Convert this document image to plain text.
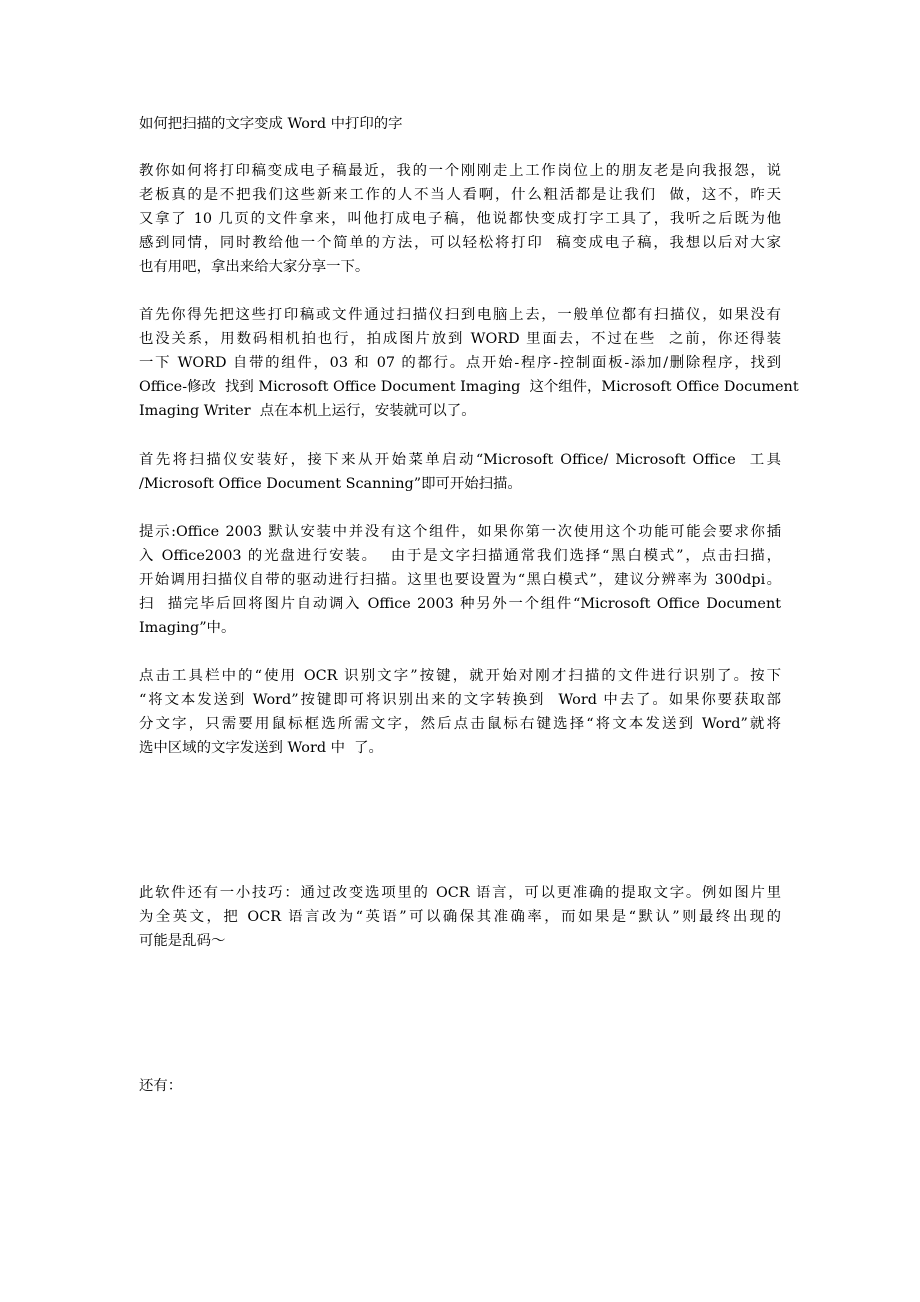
如何把扫描的文字变成 Word 中打印的字
教你如何将打印稿变成电子稿最近，我的一个刚刚走上工作岗位上的朋友老是向我报怨，说
老板真的是不把我们这些新来工作的人不当人看啊，什么粗活都是让我们  做，这不，昨天
又拿了 10 几页的文件拿来，叫他打成电子稿，他说都快变成打字工具了，我听之后既为他
感到同情，同时教给他一个简单的方法，可以轻松将打印  稿变成电子稿，我想以后对大家
也有用吧，拿出来给大家分享一下。
首先你得先把这些打印稿或文件通过扫描仪扫到电脑上去，一般单位都有扫描仪，如果没有
也没关系，用数码相机拍也行，拍成图片放到 WORD 里面去，不过在些  之前，你还得装
一下 WORD 自带的组件，03 和 07 的都行。点开始-程序-控制面板-添加/删除程序，找到
Office-修改  找到 Microsoft Office Document Imaging  这个组件，Microsoft Office Document
Imaging Writer  点在本机上运行，安装就可以了。
首先将扫描仪安装好，接下来从开始菜单启动“Microsoft Office/ Microsoft Office  工具
/Microsoft Office Document Scanning”即可开始扫描。
提示:Office 2003 默认安装中并没有这个组件，如果你第一次使用这个功能可能会要求你插
入 Office2003 的光盘进行安装。  由于是文字扫描通常我们选择“黑白模式”，点击扫描，
开始调用扫描仪自带的驱动进行扫描。这里也要设置为“黑白模式”，建议分辨率为 300dpi。
扫  描完毕后回将图片自动调入 Office 2003 种另外一个组件“Microsoft Office Document
Imaging”中。
点击工具栏中的“使用 OCR 识别文字”按键，就开始对刚才扫描的文件进行识别了。按下
“将文本发送到 Word”按键即可将识别出来的文字转换到  Word 中去了。如果你要获取部
分文字，只需要用鼠标框选所需文字，然后点击鼠标右键选择“将文本发送到 Word”就将
选中区域的文字发送到 Word 中  了。
此软件还有一小技巧：通过改变选项里的 OCR 语言，可以更准确的提取文字。例如图片里
为全英文，把 OCR 语言改为“英语”可以确保其准确率，而如果是“默认”则最终出现的
可能是乱码～
还有：
